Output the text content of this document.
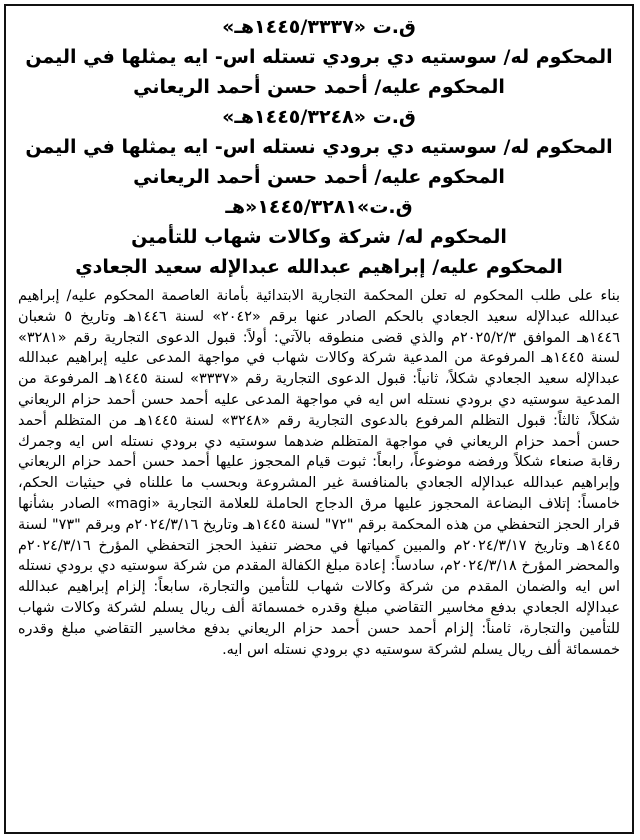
ق.ت «١٤٤٥/٣٣٣٧هـ»
المحكوم له/ سوستيه دي برودي تستله اس- ايه يمثلها في اليمن
المحكوم عليه/ أحمد حسن أحمد الريعاني
ق.ت «١٤٤٥/٣٢٤٨هـ»
المحكوم له/ سوستيه دي برودي نستله اس- ايه يمثلها في اليمن
المحكوم عليه/ أحمد حسن أحمد الريعاني
ق.ت»١٤٤٥/٣٢٨١«هـ
المحكوم له/ شركة وكالات شهاب للتأمين
المحكوم عليه/ إبراهيم عبدالله عبدالإله سعيد الجعادي

بناء على طلب المحكوم له تعلن المحكمة التجارية الابتدائية بأمانة العاصمة المحكوم عليه/ إبراهيم عبدالله عبدالإله سعيد الجعادي بالحكم الصادر عنها برقم «٢٠٤٢» لسنة ١٤٤٦هـ وتاريخ ٥ شعبان ١٤٤٦هـ الموافق ٢٠٢٥/٢/٣م والذي قضى منطوقه بالآتي: أولاً: قبول الدعوى التجارية رقم «٣٢٨١» لسنة ١٤٤٥هـ المرفوعة من المدعية شركة وكالات شهاب في مواجهة المدعى عليه إبراهيم عبدالله عبدالإله سعيد الجعادي شكلاً، ثانياً: قبول الدعوى التجارية رقم «٣٣٣٧» لسنة ١٤٤٥هـ المرفوعة من المدعية سوستيه دي برودي نستله اس ايه في مواجهة المدعى عليه أحمد حسن أحمد حزام الريعاني شكلاً، ثالثاً: قبول التظلم المرفوع بالدعوى التجارية رقم «٣٢٤٨» لسنة ١٤٤٥هـ من المتظلم أحمد حسن أحمد حزام الريعاني في مواجهة المتظلم ضدهما سوستيه دي برودي نستله اس ايه وجمرك رقابة صنعاء شكلاً ورفضه موضوعاً، رابعاً: ثبوت قيام المحجوز عليها أحمد حسن أحمد حزام الريعاني وإبراهيم عبدالله عبدالإله الجعادي بالمنافسة غير المشروعة وبحسب ما عللناه في حيثيات الحكم، خامساً: إتلاف البضاعة المحجوز عليها مرق الدجاج الحاملة للعلامة التجارية «magi» الصادر بشأنها قرار الحجز التحفظي من هذه المحكمة برقم "٧٢" لسنة ١٤٤٥هـ وتاريخ ٢٠٢٤/٣/١٦م وبرقم "٧٣" لسنة ١٤٤٥هـ وتاريخ ٢٠٢٤/٣/١٧م والمبين كمياتها في محضر تنفيذ الحجز التحفظي المؤرخ ٢٠٢٤/٣/١٦م والمحضر المؤرخ ٢٠٢٤/٣/١٨م، سادساً: إعادة مبلغ الكفالة المقدم من شركة سوستيه دي برودي نستله اس ايه والضمان المقدم من شركة وكالات شهاب للتأمين والتجارة، سابعاً: إلزام إبراهيم عبدالله عبدالإله الجعادي بدفع مخاسير التقاضي مبلغ وقدره خمسمائة ألف ريال يسلم لشركة وكالات شهاب للتأمين والتجارة، ثامناً: إلزام أحمد حسن أحمد حزام الريعاني بدفع مخاسير التقاضي مبلغ وقدره خمسمائة ألف ريال يسلم لشركة سوستيه دي برودي نستله اس ايه.
